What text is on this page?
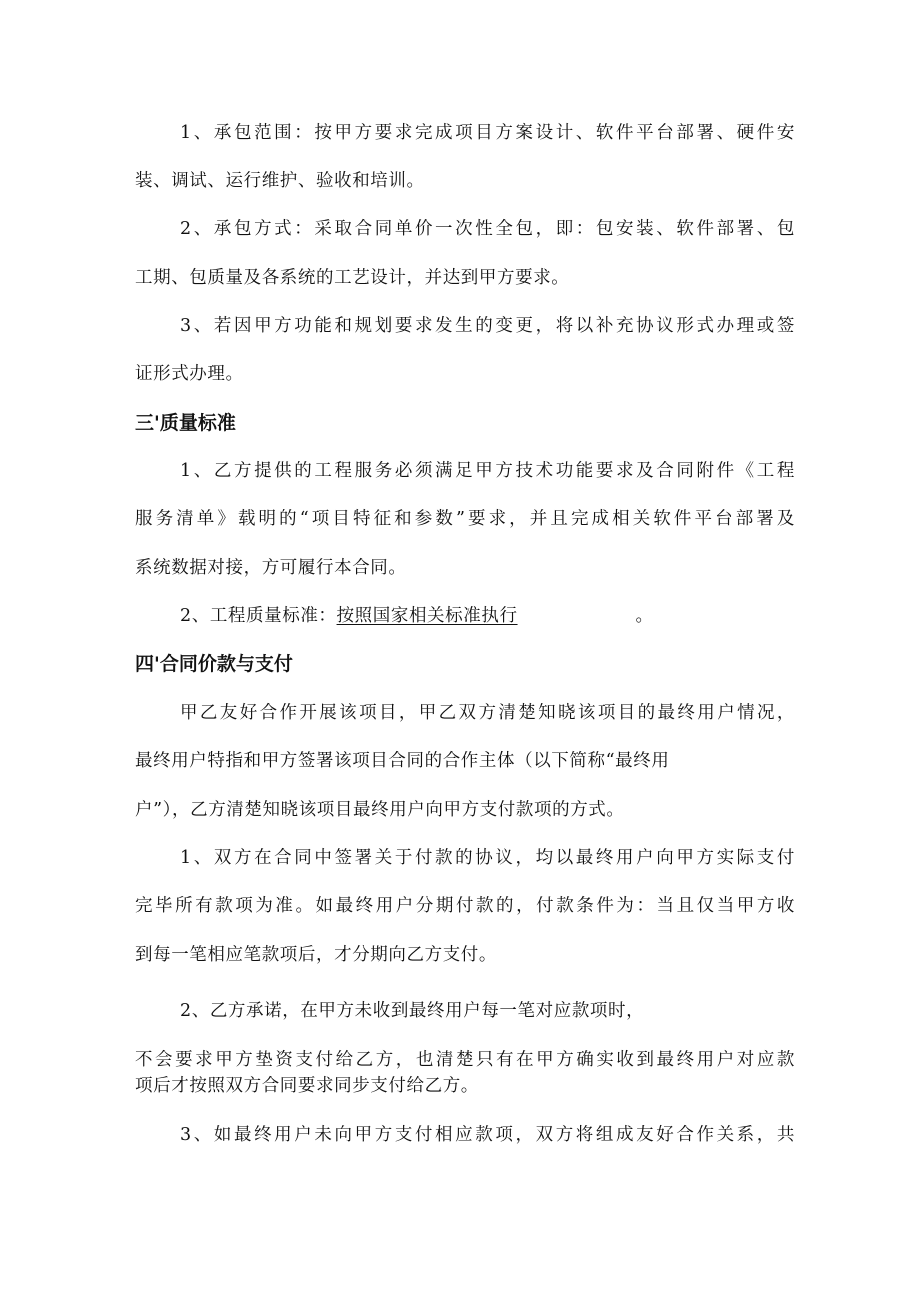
1、承包范围：按甲方要求完成项目方案设计、软件平台部署、硬件安
装、调试、运行维护、验收和培训。
2、承包方式：采取合同单价一次性全包，即：包安装、软件部署、包
工期、包质量及各系统的工艺设计，并达到甲方要求。
3、若因甲方功能和规划要求发生的变更，将以补充协议形式办理或签
证形式办理。
三'质量标准
1、乙方提供的工程服务必须满足甲方技术功能要求及合同附件《工程
服务清单》载明的“项目特征和参数”要求，并且完成相关软件平台部署及
系统数据对接，方可履行本合同。
2、工程质量标准：按照国家相关标准执行	。
四'合同价款与支付
甲乙友好合作开展该项目，甲乙双方清楚知晓该项目的最终用户情况，
最终用户特指和甲方签署该项目合同的合作主体（以下简称“最终用
户”），乙方清楚知晓该项目最终用户向甲方支付款项的方式。
1、双方在合同中签署关于付款的协议，均以最终用户向甲方实际支付
完毕所有款项为准。如最终用户分期付款的，付款条件为：当且仅当甲方收
到每一笔相应笔款项后，才分期向乙方支付。
2、乙方承诺，在甲方未收到最终用户每一笔对应款项时，
不会要求甲方垫资支付给乙方，也清楚只有在甲方确实收到最终用户对应款
项后才按照双方合同要求同步支付给乙方。
3、如最终用户未向甲方支付相应款项，双方将组成友好合作关系，共
